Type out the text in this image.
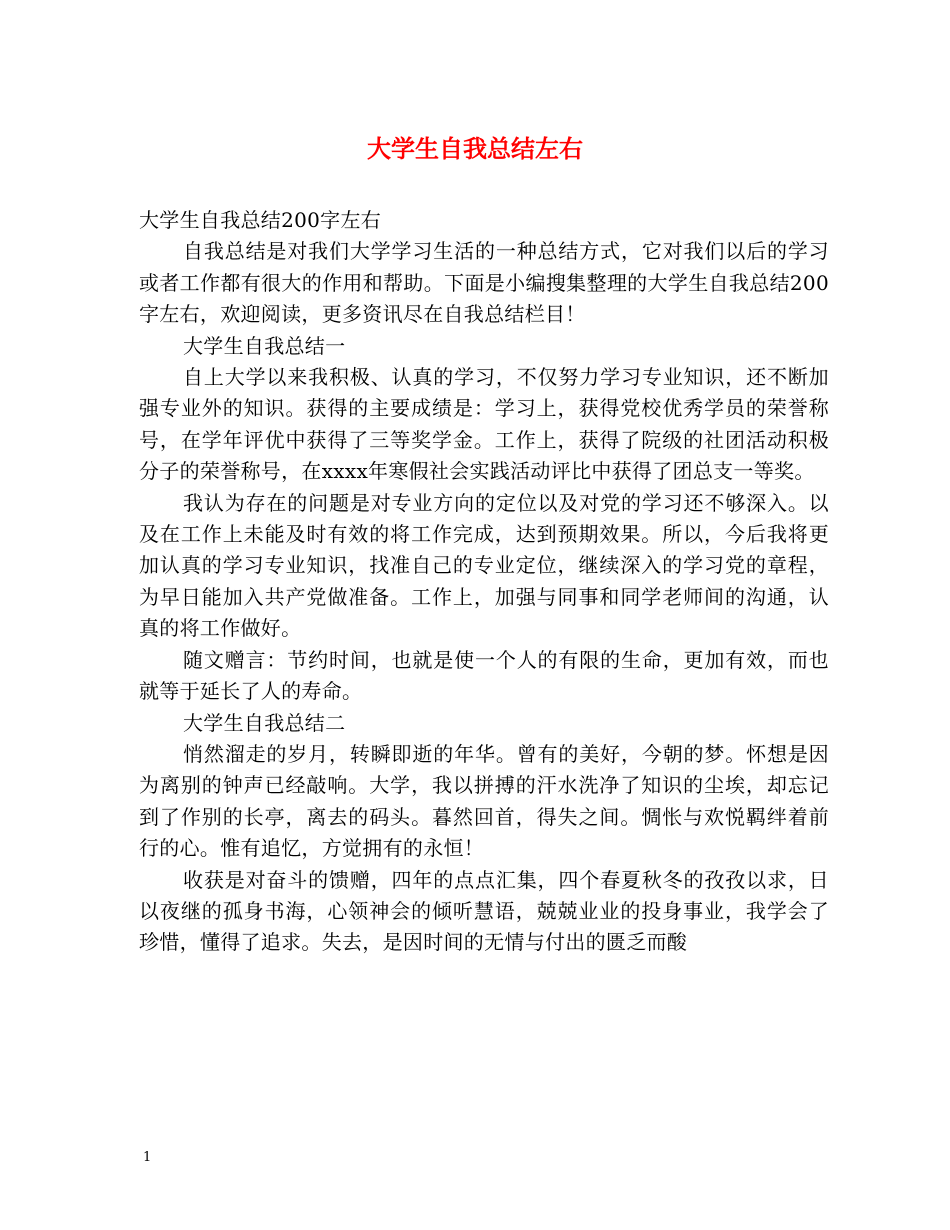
大学生自我总结左右

大学生自我总结200字左右

自我总结是对我们大学学习生活的一种总结方式，它对我们以后的学习或者工作都有很大的作用和帮助。下面是小编搜集整理的大学生自我总结200字左右，欢迎阅读，更多资讯尽在自我总结栏目！

大学生自我总结一

自上大学以来我积极、认真的学习，不仅努力学习专业知识，还不断加强专业外的知识。获得的主要成绩是：学习上，获得党校优秀学员的荣誉称号，在学年评优中获得了三等奖学金。工作上，获得了院级的社团活动积极分子的荣誉称号，在xxxx年寒假社会实践活动评比中获得了团总支一等奖。

我认为存在的问题是对专业方向的定位以及对党的学习还不够深入。以及在工作上未能及时有效的将工作完成，达到预期效果。所以，今后我将更加认真的学习专业知识，找准自己的专业定位，继续深入的学习党的章程，为早日能加入共产党做准备。工作上，加强与同事和同学老师间的沟通，认真的将工作做好。

随文赠言：节约时间，也就是使一个人的有限的生命，更加有效，而也就等于延长了人的寿命。

大学生自我总结二

悄然溜走的岁月，转瞬即逝的年华。曾有的美好，今朝的梦。怀想是因为离别的钟声已经敲响。大学，我以拼搏的汗水洗净了知识的尘埃，却忘记到了作别的长亭，离去的码头。暮然回首，得失之间。惆怅与欢悦羁绊着前行的心。惟有追忆，方觉拥有的永恒！

收获是对奋斗的馈赠，四年的点点汇集，四个春夏秋冬的孜孜以求，日以夜继的孤身书海，心领神会的倾听慧语，兢兢业业的投身事业，我学会了珍惜，懂得了追求。失去，是因时间的无情与付出的匮乏而酸

1
